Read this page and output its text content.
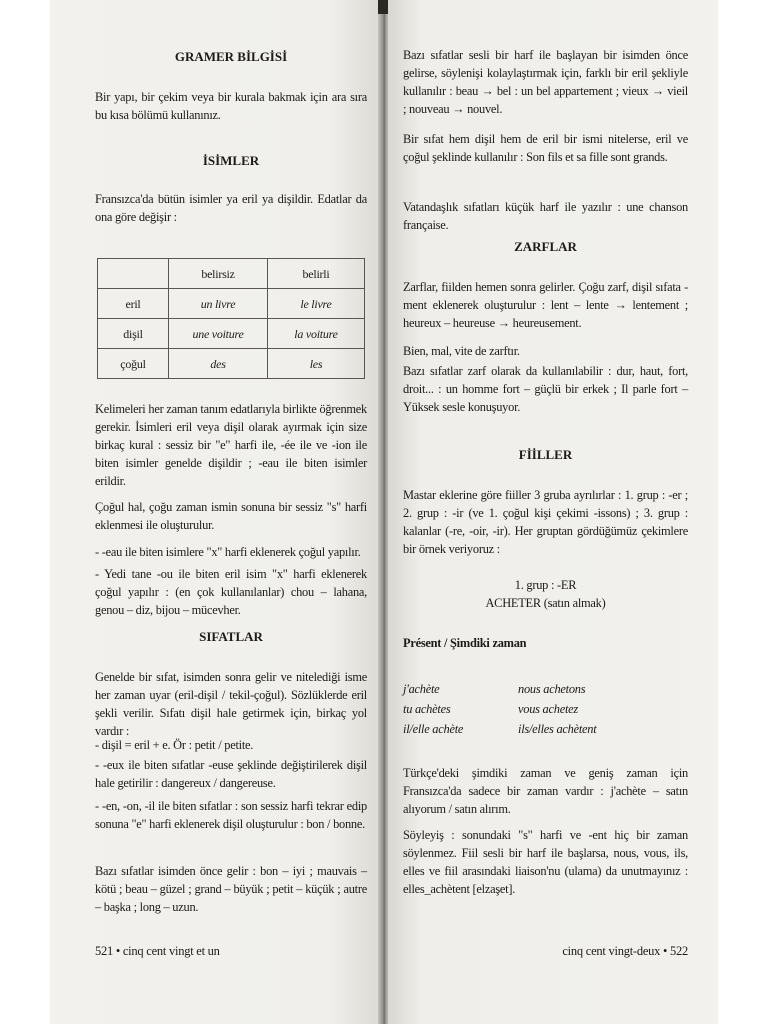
GRAMER BİLGİSİ

Bir yapı, bir çekim veya bir kurala bakmak için ara sıra bu kısa bölümü kullanınız.

İSİMLER

Fransızca'da bütün isimler ya eril ya dişildir. Edatlar da ona göre değişir :

	belirsiz	belirli
eril	un livre	le livre
dişil	une voiture	la voiture
çoğul	des	les

Kelimeleri her zaman tanım edatlarıyla birlikte öğrenmek gerekir. İsimleri eril veya dişil olarak ayırmak için size birkaç kural : sessiz bir "e" harfi ile, -ée ile ve -ion ile biten isimler genelde dişildir ; -eau ile biten isimler erildir.

Çoğul hal, çoğu zaman ismin sonuna bir sessiz "s" harfi eklenmesi ile oluşturulur.

- -eau ile biten isimlere "x" harfi eklenerek çoğul yapılır.

- Yedi tane -ou ile biten eril isim "x" harfi eklenerek çoğul yapılır : (en çok kullanılanlar) chou – lahana, genou – diz, bijou – mücevher.

SIFATLAR

Genelde bir sıfat, isimden sonra gelir ve nitelediği isme her zaman uyar (eril-dişil / tekil-çoğul). Sözlüklerde eril şekli verilir. Sıfatı dişil hale getirmek için, birkaç yol vardır :

- dişil = eril + e. Ör : petit / petite.

- -eux ile biten sıfatlar -euse şeklinde değiştirilerek dişil hale getirilir : dangereux / dangereuse.

- -en, -on, -il ile biten sıfatlar : son sessiz harfi tekrar edip sonuna "e" harfi eklenerek dişil oluşturulur : bon / bonne.

Bazı sıfatlar isimden önce gelir : bon – iyi ; mauvais – kötü ; beau – güzel ; grand – büyük ; petit – küçük ; autre – başka ; long – uzun.

521 • cinq cent vingt et un

Bazı sıfatlar sesli bir harf ile başlayan bir isimden önce gelirse, söylenişi kolaylaştırmak için, farklı bir eril şekliyle kullanılır : beau → bel : un bel appartement ; vieux → vieil ; nouveau → nouvel.

Bir sıfat hem dişil hem de eril bir ismi nitelerse, eril ve çoğul şeklinde kullanılır : Son fils et sa fille sont grands.

Vatandaşlık sıfatları küçük harf ile yazılır : une chanson française.

ZARFLAR

Zarflar, fiilden hemen sonra gelirler. Çoğu zarf, dişil sıfata -ment eklenerek oluşturulur : lent – lente → lentement ; heureux – heureuse → heureusement.

Bien, mal, vite de zarftır.

Bazı sıfatlar zarf olarak da kullanılabilir : dur, haut, fort, droit... : un homme fort – güçlü bir erkek ; Il parle fort – Yüksek sesle konuşuyor.

FİİLLER

Mastar eklerine göre fiiller 3 gruba ayrılırlar : 1. grup : -er ; 2. grup : -ir (ve 1. çoğul kişi çekimi -issons) ; 3. grup : kalanlar (-re, -oir, -ir). Her gruptan gördüğümüz çekimlere bir örnek veriyoruz :

1. grup : -ER

ACHETER (satın almak)

Présent / Şimdiki zaman

j'achète	nous achetons
tu achètes	vous achetez
il/elle achète	ils/elles achètent

Türkçe'deki şimdiki zaman ve geniş zaman için Fransızca'da sadece bir zaman vardır : j'achète – satın alıyorum / satın alırım.

Söyleyiş : sonundaki "s" harfi ve -ent hiç bir zaman söylenmez. Fiil sesli bir harf ile başlarsa, nous, vous, ils, elles ve fiil arasındaki liaison'nu (ulama) da unutmayınız : elles_achètent [elzaşet].

cinq cent vingt-deux • 522
